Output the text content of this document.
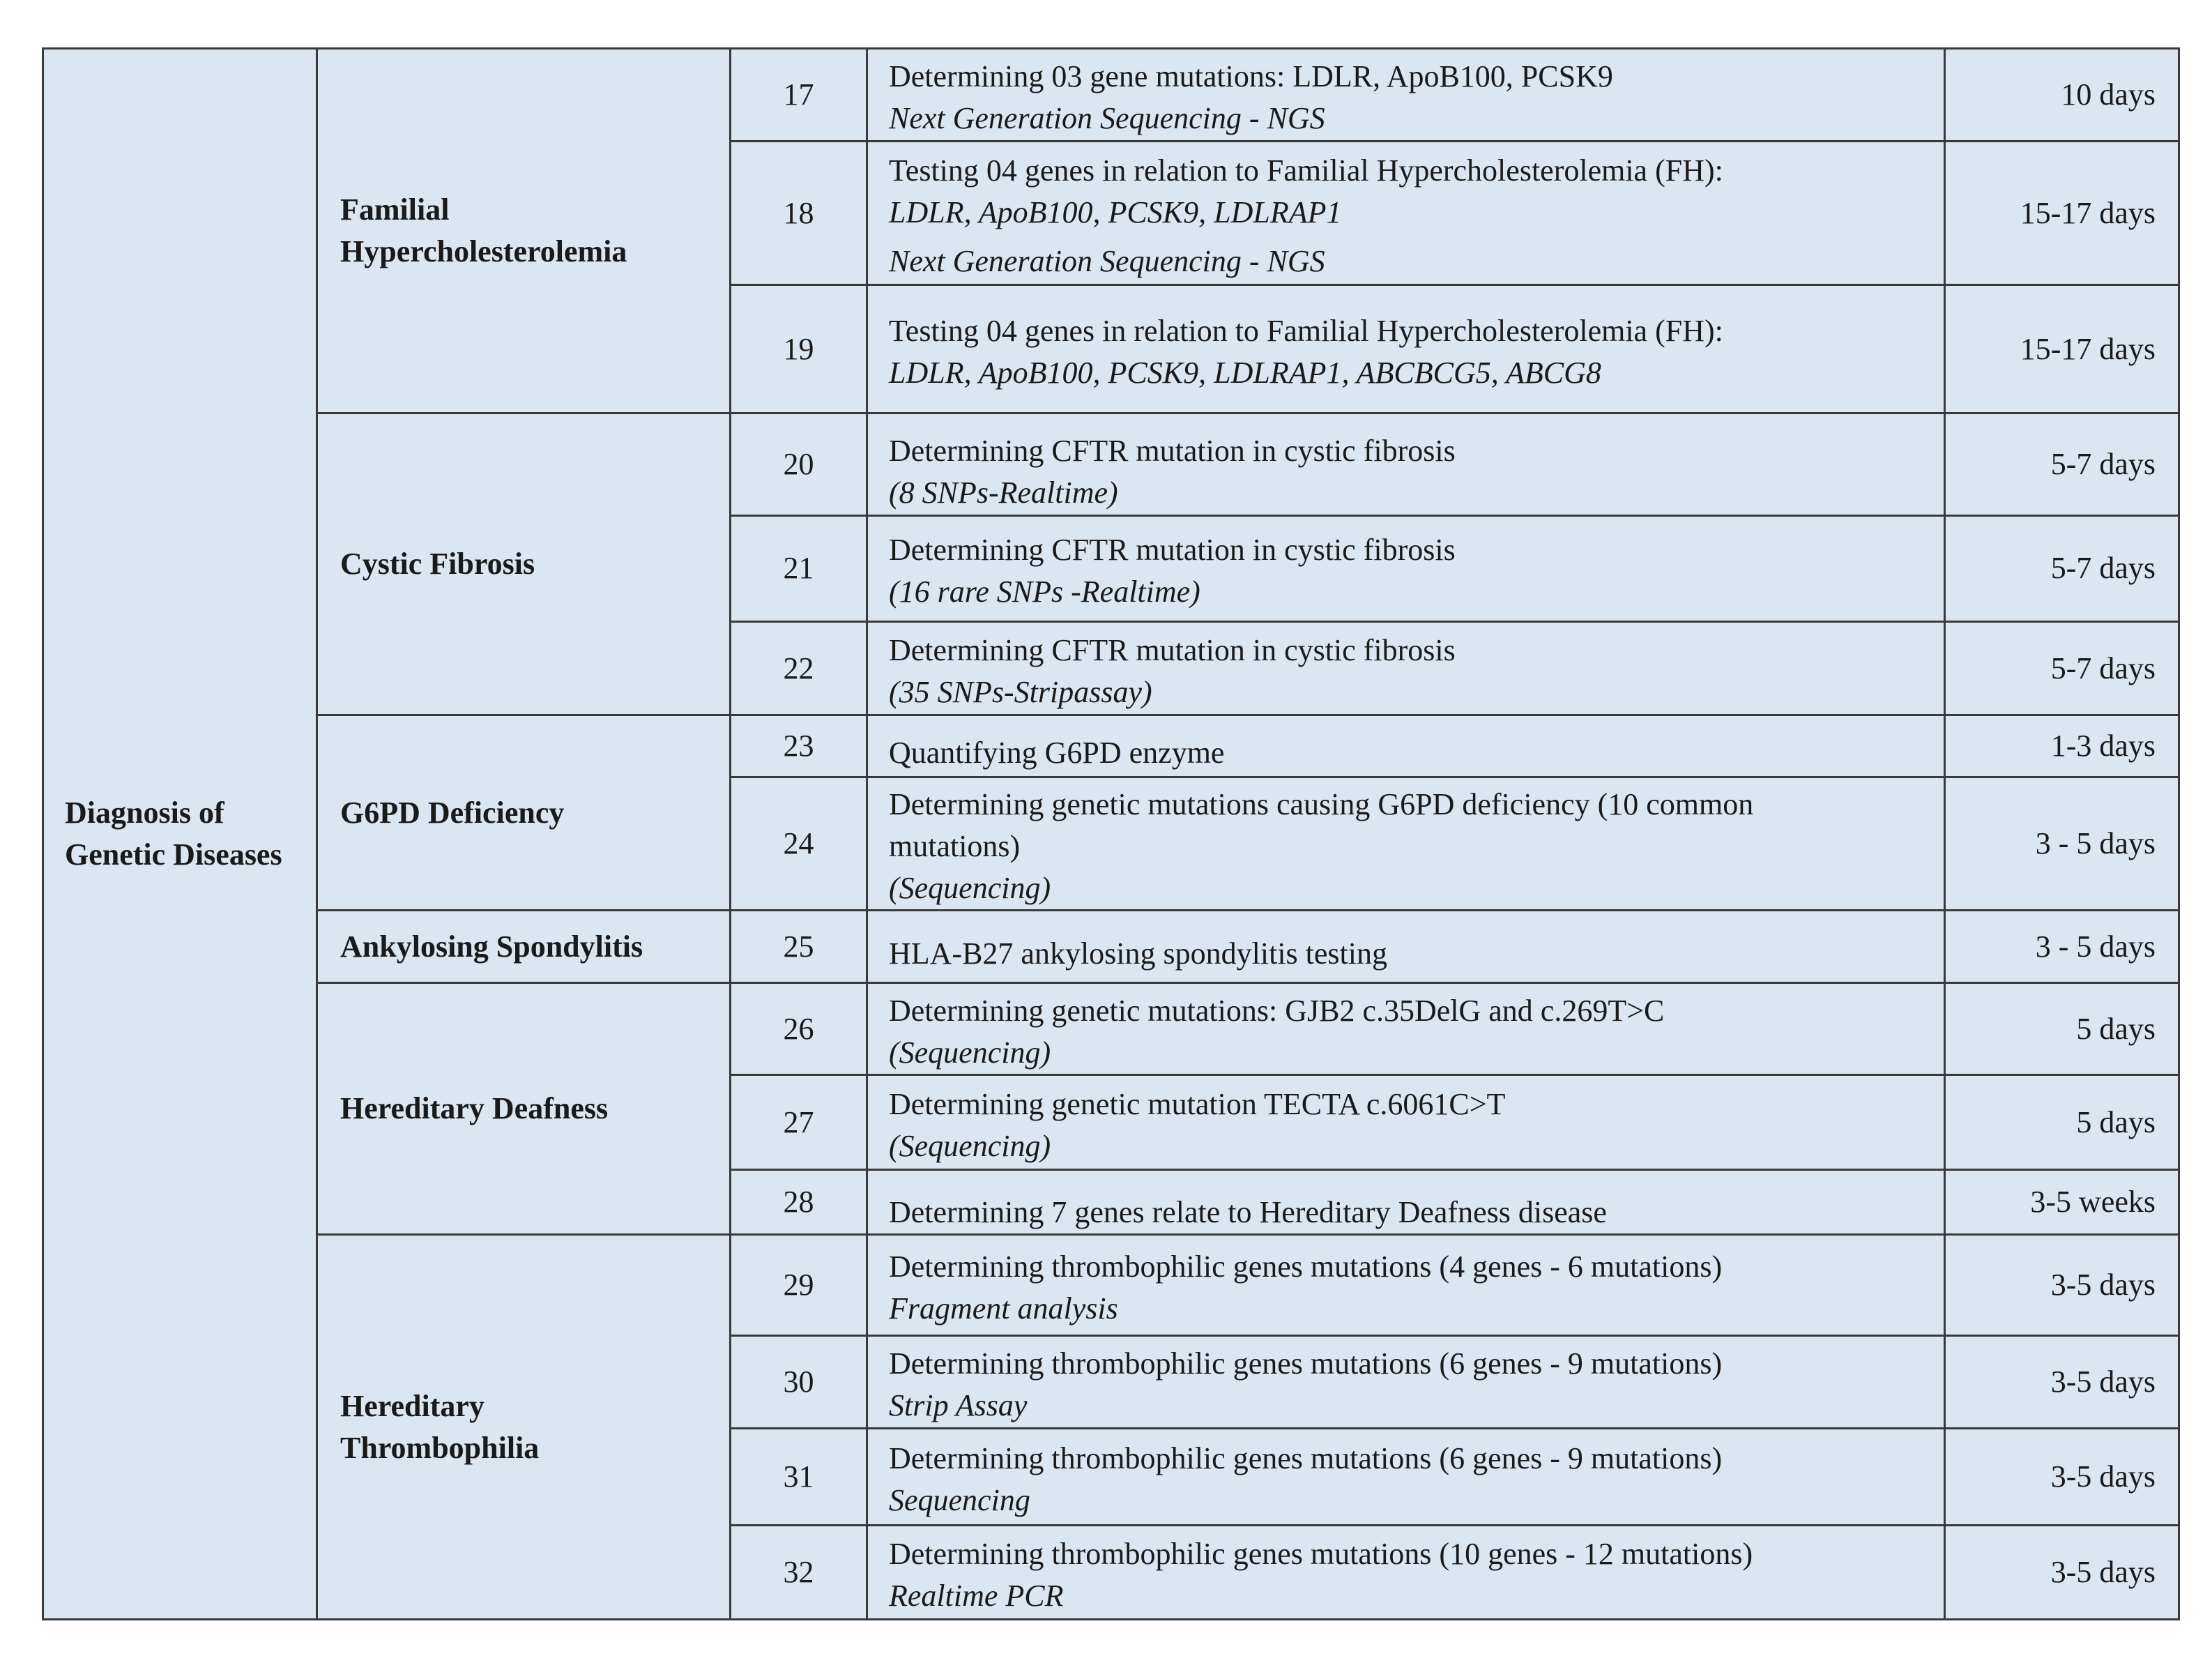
Diagnosis of
Genetic Diseases	Familial
Hypercholesterolemia	17	Determining 03 gene mutations: LDLR, ApoB100, PCSK9
Next Generation Sequencing - NGS	10 days
		18	Testing 04 genes in relation to Familial Hypercholesterolemia (FH):
LDLR, ApoB100, PCSK9, LDLRAP1
Next Generation Sequencing - NGS	15-17 days
		19	Testing 04 genes in relation to Familial Hypercholesterolemia (FH):
LDLR, ApoB100, PCSK9, LDLRAP1, ABCBCG5, ABCG8	15-17 days

	Cystic Fibrosis	20	Determining CFTR mutation in cystic fibrosis
(8 SNPs-Realtime)	5-7 days
		21	Determining CFTR mutation in cystic fibrosis
(16 rare SNPs -Realtime)	5-7 days
		22	Determining CFTR mutation in cystic fibrosis
(35 SNPs-Stripassay)	5-7 days

	G6PD Deficiency	23	Quantifying G6PD enzyme	1-3 days
		24	Determining genetic mutations causing G6PD deficiency (10 common
mutations)
(Sequencing)	3 - 5 days

	Ankylosing Spondylitis	25	HLA-B27 ankylosing spondylitis testing	3 - 5 days

	Hereditary Deafness	26	Determining genetic mutations: GJB2 c.35DelG and c.269T>C
(Sequencing)	5 days
		27	Determining genetic mutation TECTA c.6061C>T
(Sequencing)	5 days
		28	Determining 7 genes relate to Hereditary Deafness disease	3-5 weeks

	Hereditary
Thrombophilia	29	Determining thrombophilic genes mutations (4 genes - 6 mutations)
Fragment analysis	3-5 days
		30	Determining thrombophilic genes mutations (6 genes - 9 mutations)
Strip Assay	3-5 days
		31	Determining thrombophilic genes mutations (6 genes - 9 mutations)
Sequencing	3-5 days
		32	Determining thrombophilic genes mutations (10 genes - 12 mutations)
Realtime PCR	3-5 days
